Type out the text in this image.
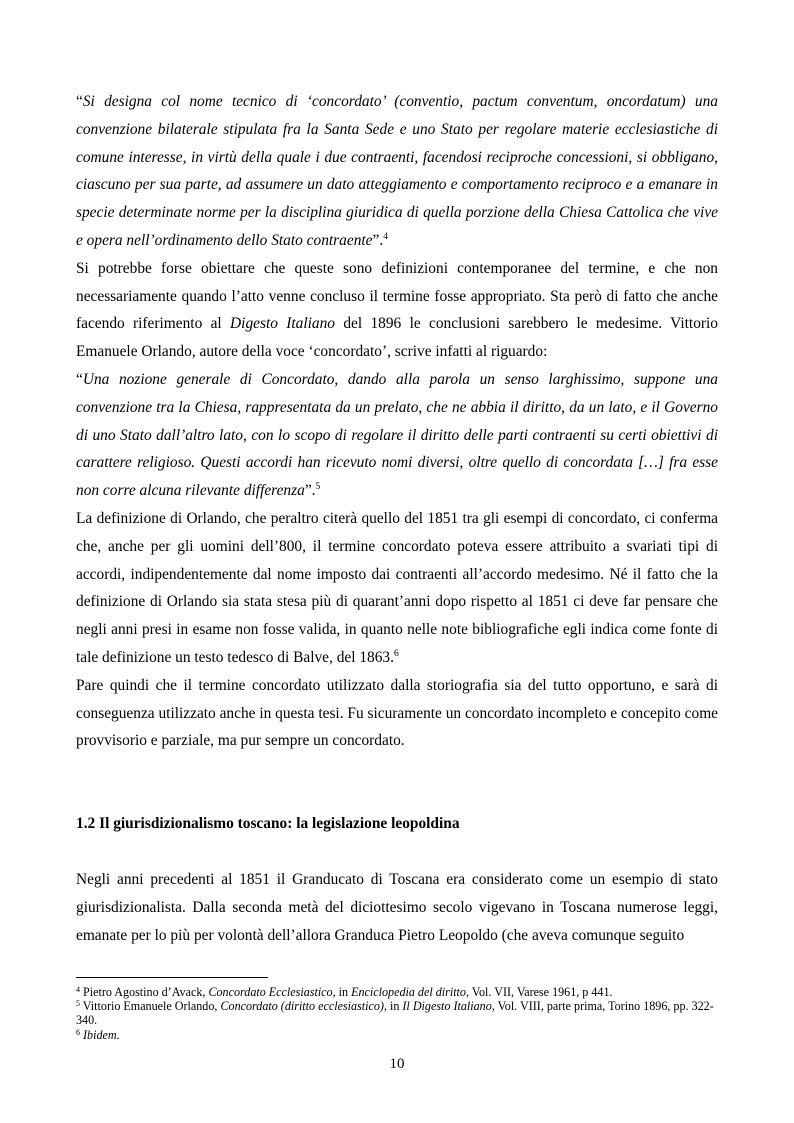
“Si designa col nome tecnico di ‘concordato’ (conventio, pactum conventum, oncordatum) una convenzione bilaterale stipulata fra la Santa Sede e uno Stato per regolare materie ecclesiastiche di comune interesse, in virtù della quale i due contraenti, facendosi reciproche concessioni, si obbligano, ciascuno per sua parte, ad assumere un dato atteggiamento e comportamento reciproco e a emanare in specie determinate norme per la disciplina giuridica di quella porzione della Chiesa Cattolica che vive e opera nell’ordinamento dello Stato contraente”.$^4$

Si potrebbe forse obiettare che queste sono definizioni contemporanee del termine, e che non necessariamente quando l’atto venne concluso il termine fosse appropriato. Sta però di fatto che anche facendo riferimento al Digesto Italiano del 1896 le conclusioni sarebbero le medesime. Vittorio Emanuele Orlando, autore della voce ‘concordato’, scrive infatti al riguardo:

“Una nozione generale di Concordato, dando alla parola un senso larghissimo, suppone una convenzione tra la Chiesa, rappresentata da un prelato, che ne abbia il diritto, da un lato, e il Governo di uno Stato dall’altro lato, con lo scopo di regolare il diritto delle parti contraenti su certi obiettivi di carattere religioso. Questi accordi han ricevuto nomi diversi, oltre quello di concordata […] fra esse non corre alcuna rilevante differenza”.$^5$

La definizione di Orlando, che peraltro citerà quello del 1851 tra gli esempi di concordato, ci conferma che, anche per gli uomini dell’800, il termine concordato poteva essere attribuito a svariati tipi di accordi, indipendentemente dal nome imposto dai contraenti all’accordo medesimo. Né il fatto che la definizione di Orlando sia stata stesa più di quarant’anni dopo rispetto al 1851 ci deve far pensare che negli anni presi in esame non fosse valida, in quanto nelle note bibliografiche egli indica come fonte di tale definizione un testo tedesco di Balve, del 1863.$^6$

Pare quindi che il termine concordato utilizzato dalla storiografia sia del tutto opportuno, e sarà di conseguenza utilizzato anche in questa tesi. Fu sicuramente un concordato incompleto e concepito come provvisorio e parziale, ma pur sempre un concordato.

1.2 Il giurisdizionalismo toscano: la legislazione leopoldina

Negli anni precedenti al 1851 il Granducato di Toscana era considerato come un esempio di stato giurisdizionalista. Dalla seconda metà del diciottesimo secolo vigevano in Toscana numerose leggi, emanate per lo più per volontà dell’allora Granduca Pietro Leopoldo (che aveva comunque seguito

$^4$ Pietro Agostino d’Avack, Concordato Ecclesiastico, in Enciclopedia del diritto, Vol. VII, Varese 1961, p 441.

$^5$ Vittorio Emanuele Orlando, Concordato (diritto ecclesiastico), in Il Digesto Italiano, Vol. VIII, parte prima, Torino 1896, pp. 322-340.

$^6$ Ibidem.

10
